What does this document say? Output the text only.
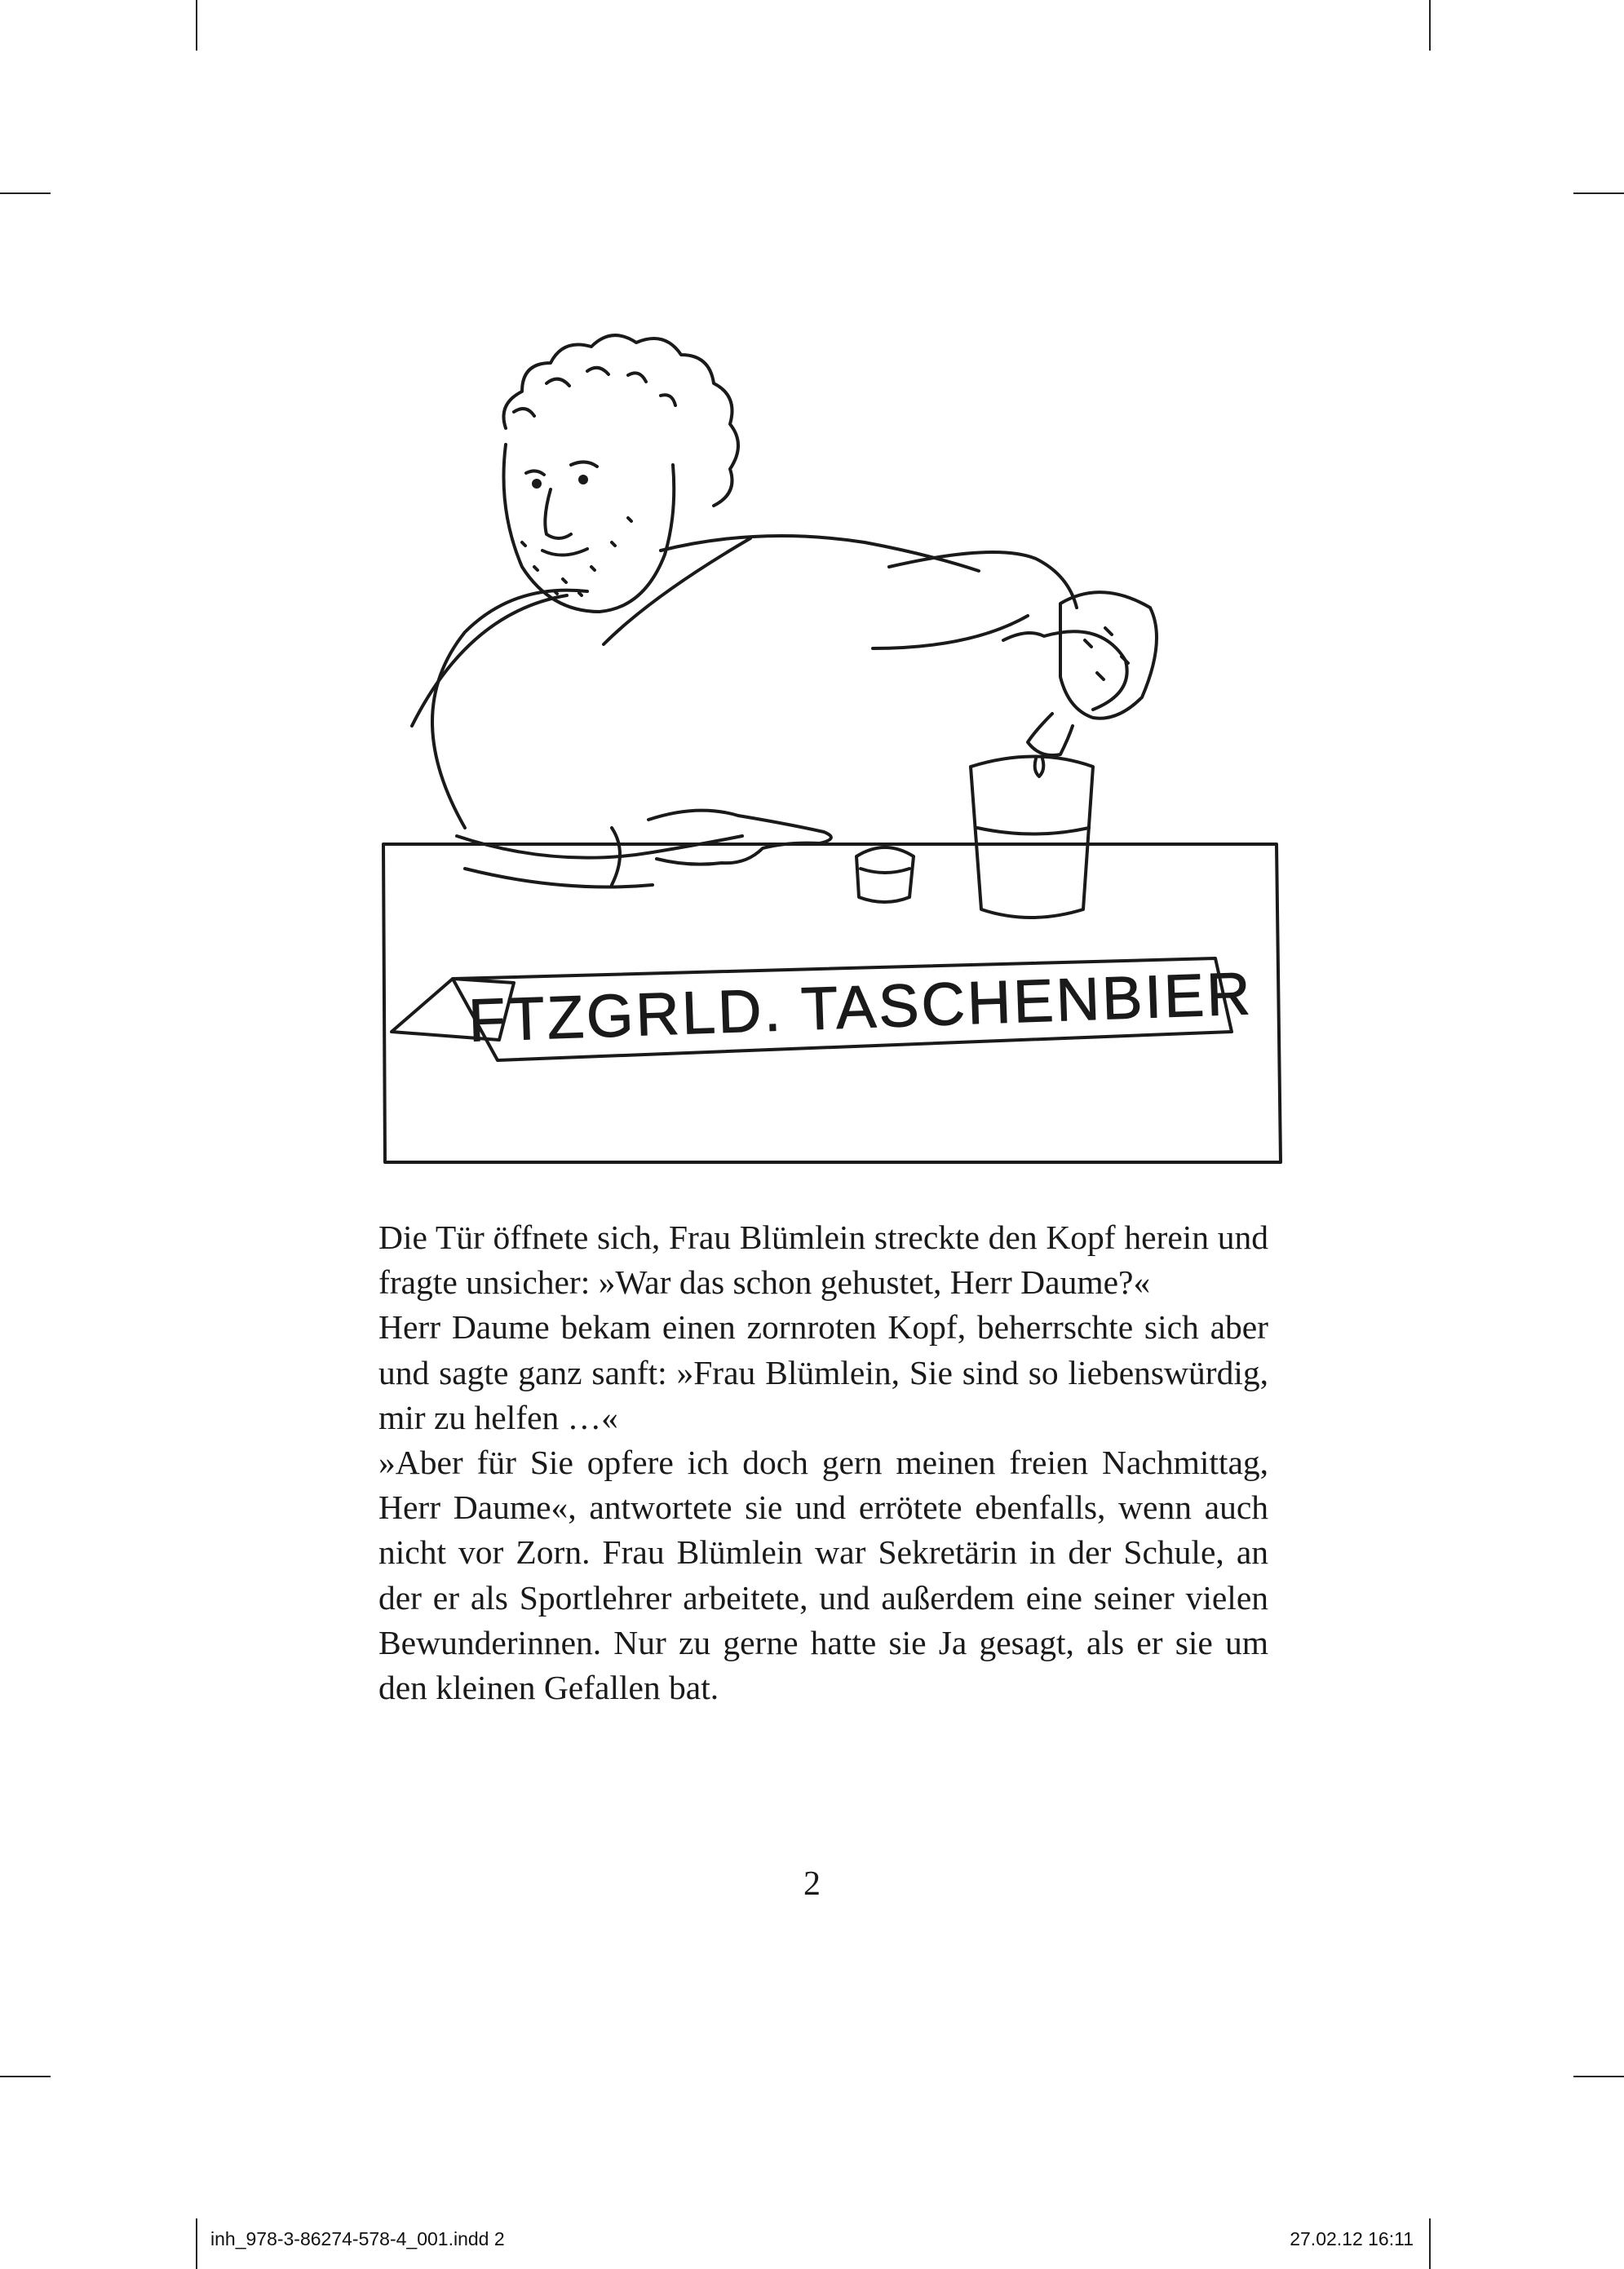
FTZGRLD. TASCHENBIER

Die Tür öffnete sich, Frau Blümlein streckte den Kopf herein und fragte unsicher: »War das schon gehustet, Herr Daume?«

Herr Daume bekam einen zornroten Kopf, beherrschte sich aber und sagte ganz sanft: »Frau Blümlein, Sie sind so liebenswürdig, mir zu helfen …«

»Aber für Sie opfere ich doch gern meinen freien Nachmittag, Herr Daume«, antwortete sie und errötete ebenfalls, wenn auch nicht vor Zorn. Frau Blümlein war Sekretärin in der Schule, an der er als Sportlehrer arbeitete, und außerdem eine seiner vielen Bewunderinnen. Nur zu gerne hatte sie Ja gesagt, als er sie um den kleinen Gefallen bat.

2
inh_978-3-86274-578-4_001.indd 2	27.02.12 16:11
